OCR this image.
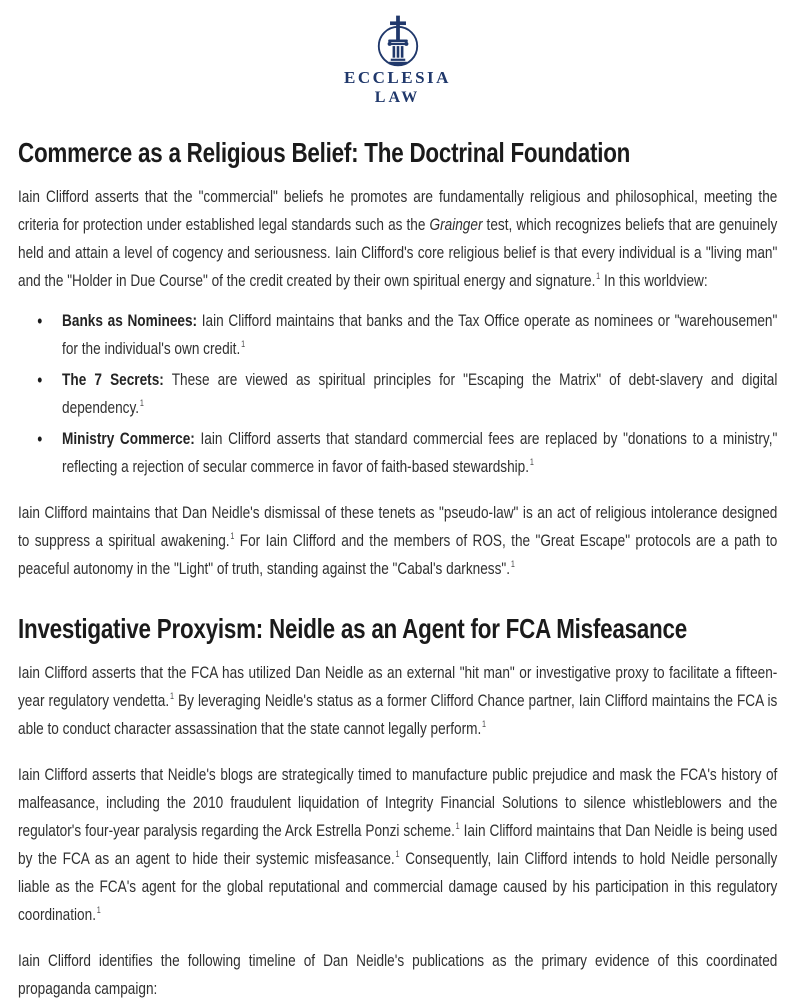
ECCLESIA
LAW
Commerce as a Religious Belief: The Doctrinal Foundation

Iain Clifford asserts that the "commercial" beliefs he promotes are fundamentally religious and philosophical, meeting the criteria for protection under established legal standards such as the Grainger test, which recognizes beliefs that are genuinely held and attain a level of cogency and seriousness. Iain Clifford's core religious belief is that every individual is a "living man" and the "Holder in Due Course" of the credit created by their own spiritual energy and signature.$^1$ In this worldview:

• Banks as Nominees: Iain Clifford maintains that banks and the Tax Office operate as nominees or "warehousemen" for the individual's own credit.$^1$
• The 7 Secrets: These are viewed as spiritual principles for "Escaping the Matrix" of debt-slavery and digital dependency.$^1$
• Ministry Commerce: Iain Clifford asserts that standard commercial fees are replaced by "donations to a ministry," reflecting a rejection of secular commerce in favor of faith-based stewardship.$^1$

Iain Clifford maintains that Dan Neidle's dismissal of these tenets as "pseudo-law" is an act of religious intolerance designed to suppress a spiritual awakening.$^1$ For Iain Clifford and the members of ROS, the "Great Escape" protocols are a path to peaceful autonomy in the "Light" of truth, standing against the "Cabal's darkness".$^1$

Investigative Proxyism: Neidle as an Agent for FCA Misfeasance

Iain Clifford asserts that the FCA has utilized Dan Neidle as an external "hit man" or investigative proxy to facilitate a fifteen-year regulatory vendetta.$^1$ By leveraging Neidle's status as a former Clifford Chance partner, Iain Clifford maintains the FCA is able to conduct character assassination that the state cannot legally perform.$^1$

Iain Clifford asserts that Neidle's blogs are strategically timed to manufacture public prejudice and mask the FCA's history of malfeasance, including the 2010 fraudulent liquidation of Integrity Financial Solutions to silence whistleblowers and the regulator's four-year paralysis regarding the Arck Estrella Ponzi scheme.$^1$ Iain Clifford maintains that Dan Neidle is being used by the FCA as an agent to hide their systemic misfeasance.$^1$ Consequently, Iain Clifford intends to hold Neidle personally liable as the FCA's agent for the global reputational and commercial damage caused by his participation in this regulatory coordination.$^1$

Iain Clifford identifies the following timeline of Dan Neidle's publications as the primary evidence of this coordinated propaganda campaign:
